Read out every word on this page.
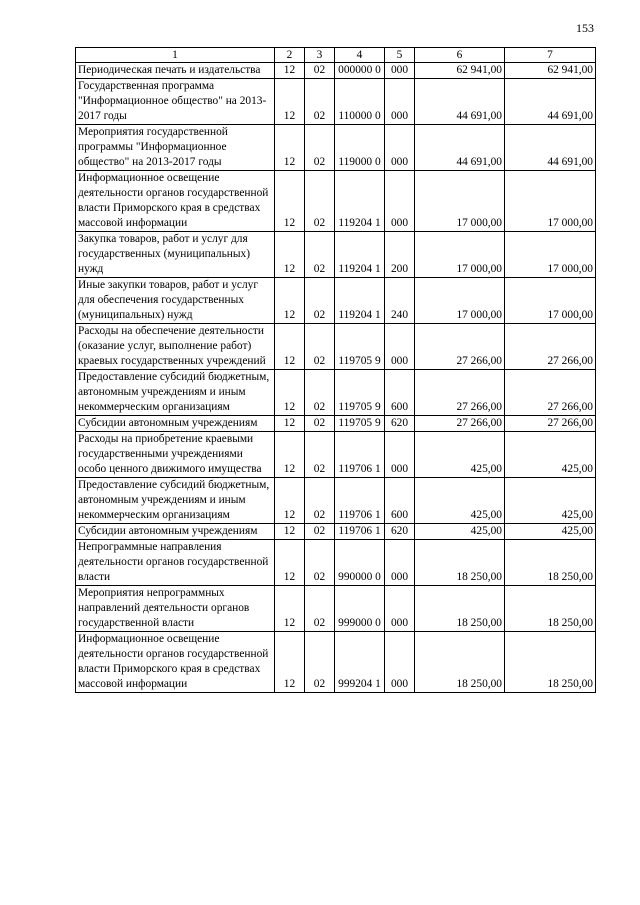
153
1	2	3	4	5	6	7
Периодическая печать и издательства	12	02	000000 0	000	62 941,00	62 941,00
Государственная программа "Информационное общество" на 2013-2017 годы	12	02	110000 0	000	44 691,00	44 691,00
Мероприятия государственной программы "Информационное общество" на 2013-2017 годы	12	02	119000 0	000	44 691,00	44 691,00
Информационное освещение деятельности органов государственной власти Приморского края в средствах массовой информации	12	02	119204 1	000	17 000,00	17 000,00
Закупка товаров, работ и услуг для государственных (муниципальных) нужд	12	02	119204 1	200	17 000,00	17 000,00
Иные закупки товаров, работ и услуг для обеспечения государственных (муниципальных) нужд	12	02	119204 1	240	17 000,00	17 000,00
Расходы на обеспечение деятельности (оказание услуг, выполнение работ) краевых государственных учреждений	12	02	119705 9	000	27 266,00	27 266,00
Предоставление субсидий бюджетным, автономным учреждениям и иным некоммерческим организациям	12	02	119705 9	600	27 266,00	27 266,00
Субсидии автономным учреждениям	12	02	119705 9	620	27 266,00	27 266,00
Расходы на приобретение краевыми государственными учреждениями особо ценного движимого имущества	12	02	119706 1	000	425,00	425,00
Предоставление субсидий бюджетным, автономным учреждениям и иным некоммерческим организациям	12	02	119706 1	600	425,00	425,00
Субсидии автономным учреждениям	12	02	119706 1	620	425,00	425,00
Непрограммные направления деятельности органов государственной власти	12	02	990000 0	000	18 250,00	18 250,00
Мероприятия непрограммных направлений деятельности органов государственной власти	12	02	999000 0	000	18 250,00	18 250,00
Информационное освещение деятельности органов государственной власти Приморского края в средствах массовой информации	12	02	999204 1	000	18 250,00	18 250,00
